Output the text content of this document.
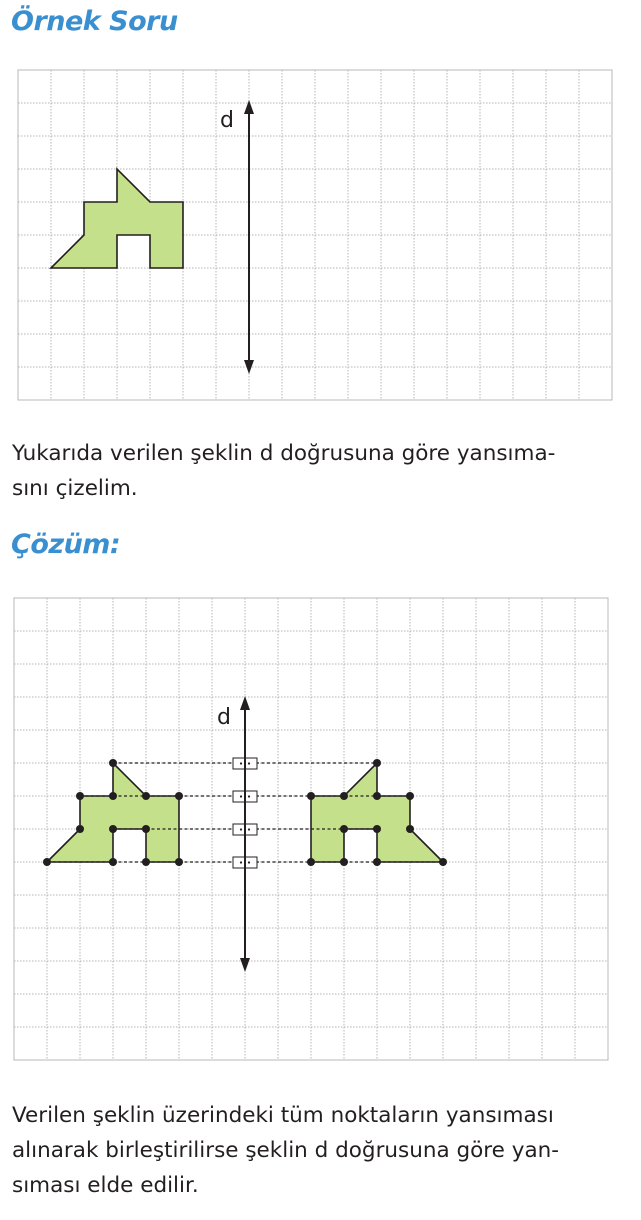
Örnek Soru
d
d

Yukarıda verilen şeklin d doğrusuna göre yansıma-
sını çizelim.

Çözüm:

Verilen şeklin üzerindeki tüm noktaların yansıması
alınarak birleştirilirse şeklin d doğrusuna göre yan-
sıması elde edilir.
